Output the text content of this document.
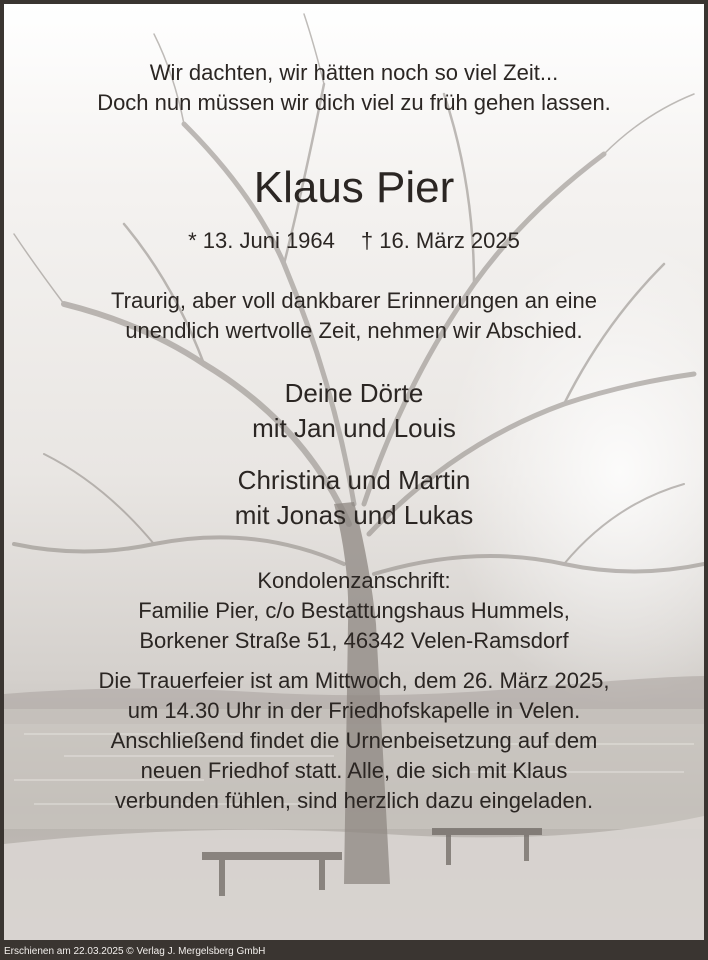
Wir dachten, wir hätten noch so viel Zeit...
Doch nun müssen wir dich viel zu früh gehen lassen.
Klaus Pier
* 13. Juni 1964 † 16. März 2025
Traurig, aber voll dankbarer Erinnerungen an eine
unendlich wertvolle Zeit, nehmen wir Abschied.
Deine Dörte
mit Jan und Louis
Christina und Martin
mit Jonas und Lukas
Kondolenzanschrift:
Familie Pier, c/o Bestattungshaus Hummels,
Borkener Straße 51, 46342 Velen-Ramsdorf
Die Trauerfeier ist am Mittwoch, dem 26. März 2025,
um 14.30 Uhr in der Friedhofskapelle in Velen.
Anschließend findet die Urnenbeisetzung auf dem
neuen Friedhof statt. Alle, die sich mit Klaus
verbunden fühlen, sind herzlich dazu eingeladen.
Erschienen am 22.03.2025 © Verlag J. Mergelsberg GmbH
